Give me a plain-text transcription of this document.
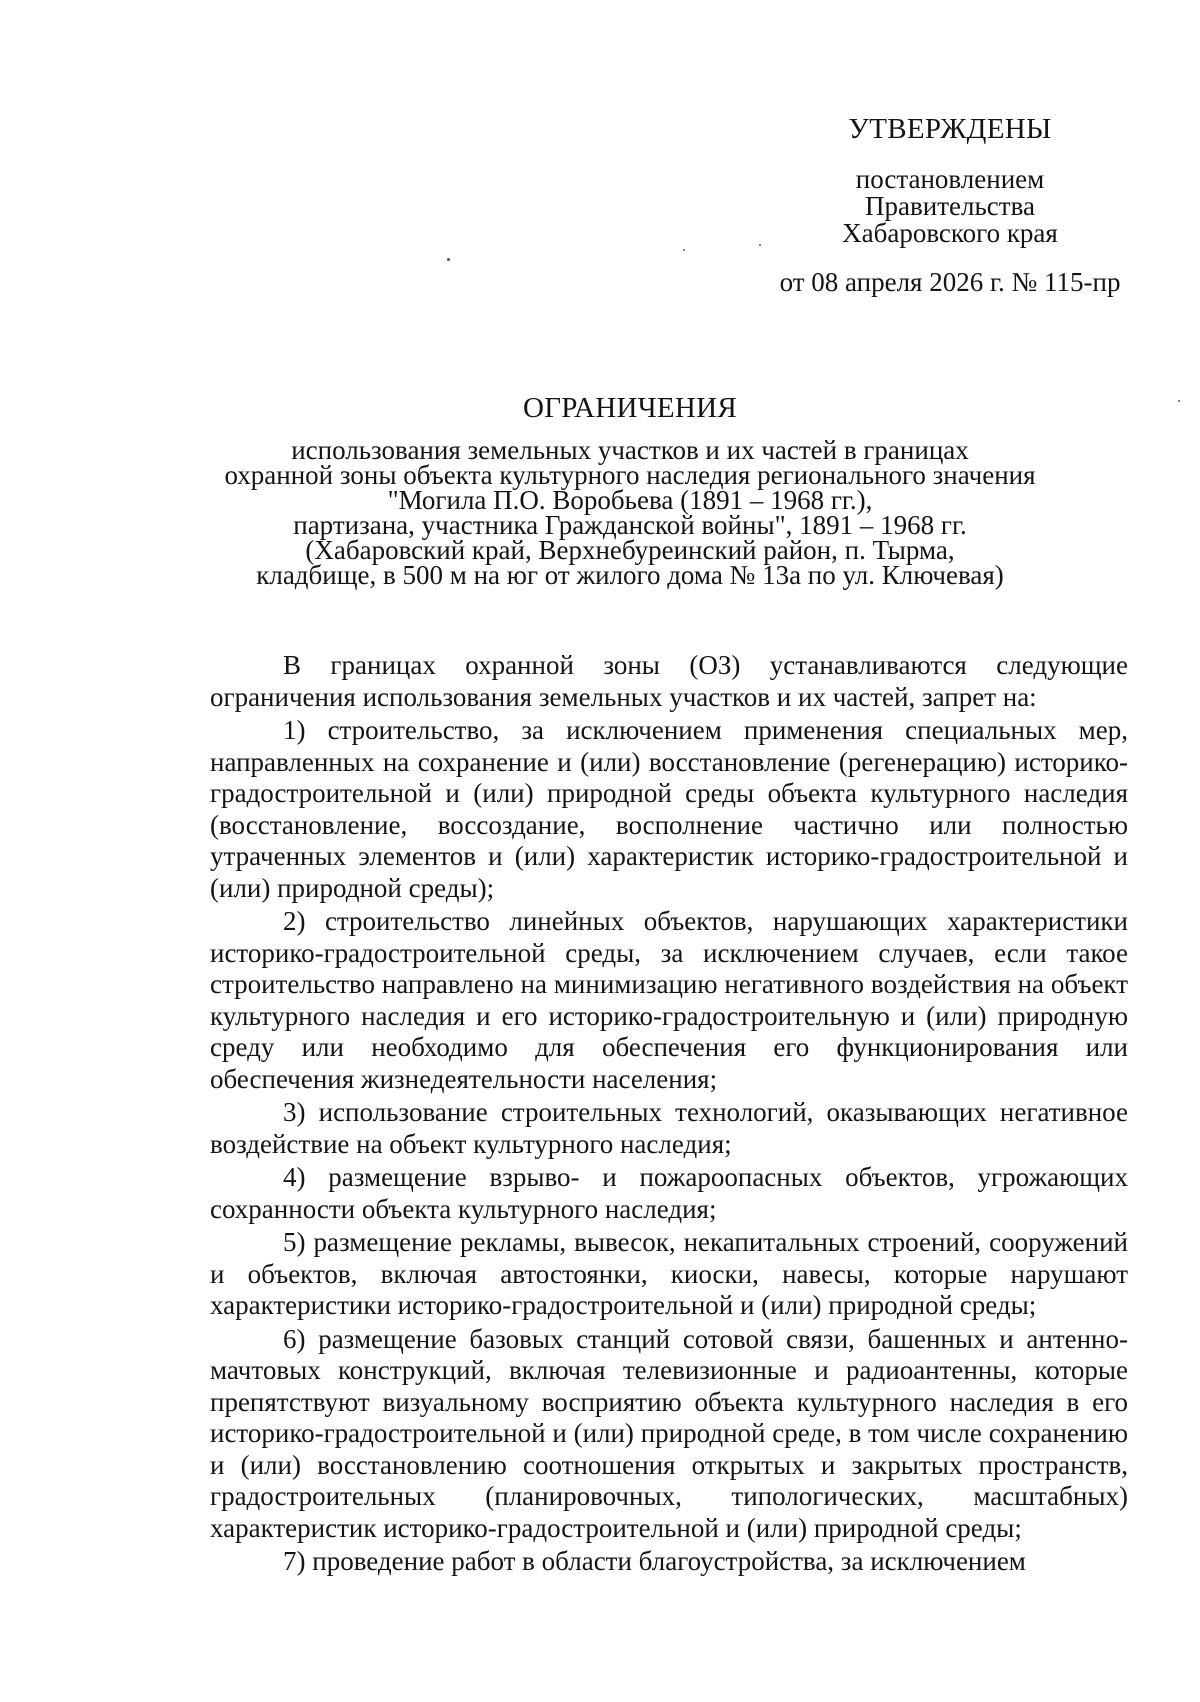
УТВЕРЖДЕНЫ
постановлением
Правительства
Хабаровского края
от 08 апреля 2026 г. № 115-пр
ОГРАНИЧЕНИЯ
использования земельных участков и их частей в границах
охранной зоны объекта культурного наследия регионального значения
"Могила П.О. Воробьева (1891 – 1968 гг.),
партизана, участника Гражданской войны", 1891 – 1968 гг.
(Хабаровский край, Верхнебуреинский район, п. Тырма,
кладбище, в 500 м на юг от жилого дома № 13а по ул. Ключевая)

В границах охранной зоны (ОЗ) устанавливаются следующие ограничения использования земельных участков и их частей, запрет на:

1) строительство, за исключением применения специальных мер, направленных на сохранение и (или) восстановление (регенерацию) историко-градостроительной и (или) природной среды объекта культурного наследия (восстановление, воссоздание, восполнение частично или полностью утраченных элементов и (или) характеристик историко-градостроительной и (или) природной среды);

2) строительство линейных объектов, нарушающих характеристики историко-градостроительной среды, за исключением случаев, если такое строительство направлено на минимизацию негативного воздействия на объект культурного наследия и его историко-градостроительную и (или) природную среду или необходимо для обеспечения его функционирования или обеспечения жизнедеятельности населения;

3) использование строительных технологий, оказывающих негативное воздействие на объект культурного наследия;

4) размещение взрыво- и пожароопасных объектов, угрожающих сохранности объекта культурного наследия;

5) размещение рекламы, вывесок, некапитальных строений, сооружений и объектов, включая автостоянки, киоски, навесы, которые нарушают характеристики историко-градостроительной и (или) природной среды;

6) размещение базовых станций сотовой связи, башенных и антенно-мачтовых конструкций, включая телевизионные и радиоантенны, которые препятствуют визуальному восприятию объекта культурного наследия в его историко-градостроительной и (или) природной среде, в том числе сохранению и (или) восстановлению соотношения открытых и закрытых пространств, градостроительных (планировочных, типологических, масштабных) характеристик историко-градостроительной и (или) природной среды;

7) проведение работ в области благоустройства, за исключением
